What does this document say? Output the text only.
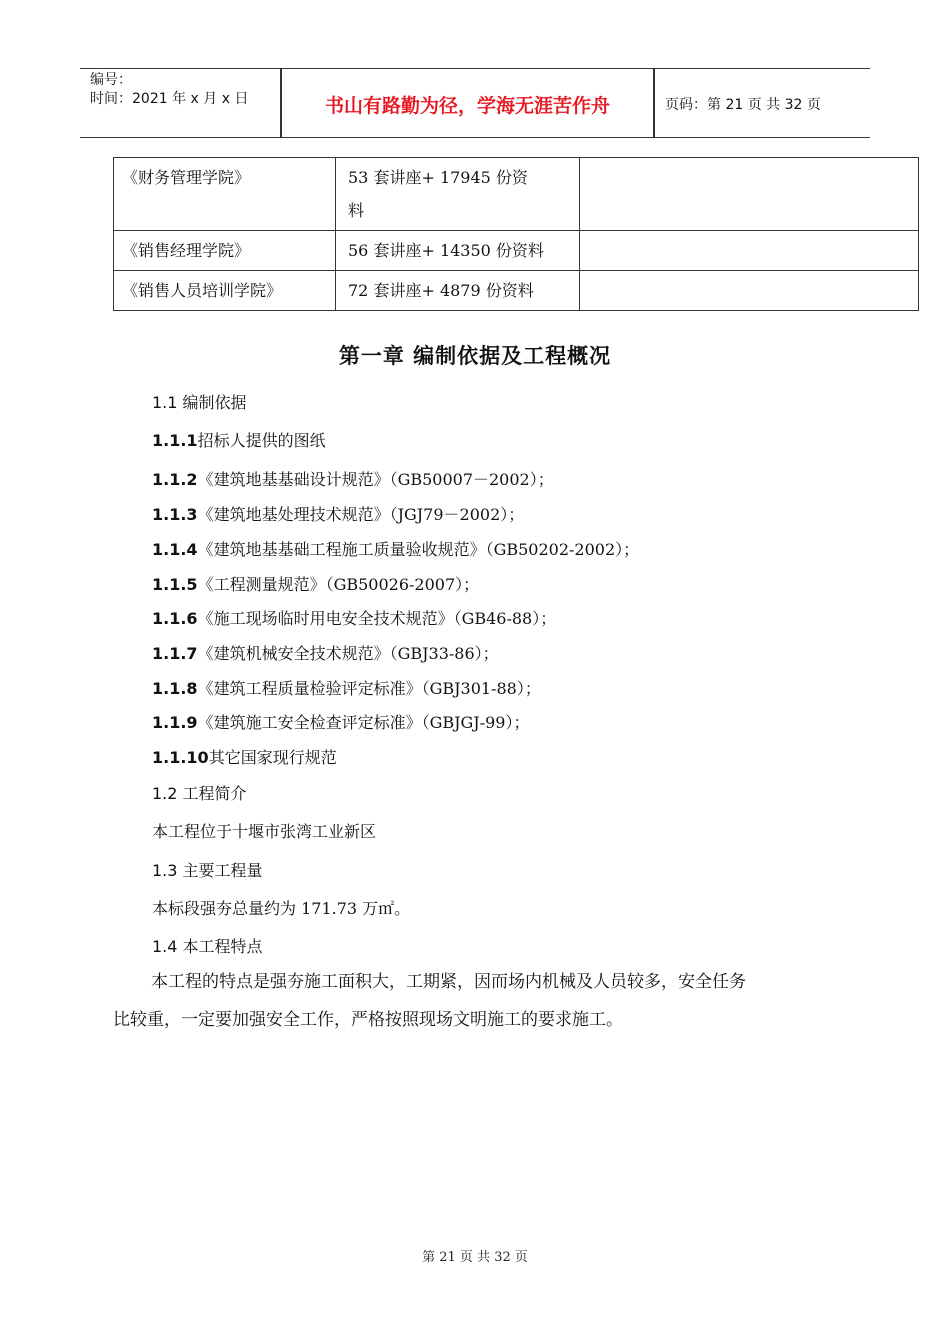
编号：
时间：2021 年 x 月 x 日	书山有路勤为径，学海无涯苦作舟	页码：第 21 页 共 32 页
《财务管理学院》	53 套讲座+ 17945 份资
料	
《销售经理学院》	56 套讲座+ 14350 份资料	
《销售人员培训学院》	72 套讲座+ 4879 份资料	
第一章 编制依据及工程概况
1.1 编制依据
1.1.1招标人提供的图纸
1.1.2《建筑地基基础设计规范》（GB50007－2002）；
1.1.3《建筑地基处理技术规范》（JGJ79－2002）；
1.1.4《建筑地基基础工程施工质量验收规范》（GB50202-2002）；
1.1.5《工程测量规范》（GB50026-2007）；
1.1.6《施工现场临时用电安全技术规范》（GB46-88）；
1.1.7《建筑机械安全技术规范》（GBJ33-86）；
1.1.8《建筑工程质量检验评定标准》（GBJ301-88）；
1.1.9《建筑施工安全检查评定标准》（GBJGJ-99）；
1.1.10其它国家现行规范
1.2 工程简介
本工程位于十堰市张湾工业新区
1.3 主要工程量
本标段强夯总量约为 171.73 万㎡。
1.4 本工程特点
本工程的特点是强夯施工面积大，工期紧，因而场内机械及人员较多，安全任务
比较重，一定要加强安全工作，严格按照现场文明施工的要求施工。
第 21 页 共 32 页
